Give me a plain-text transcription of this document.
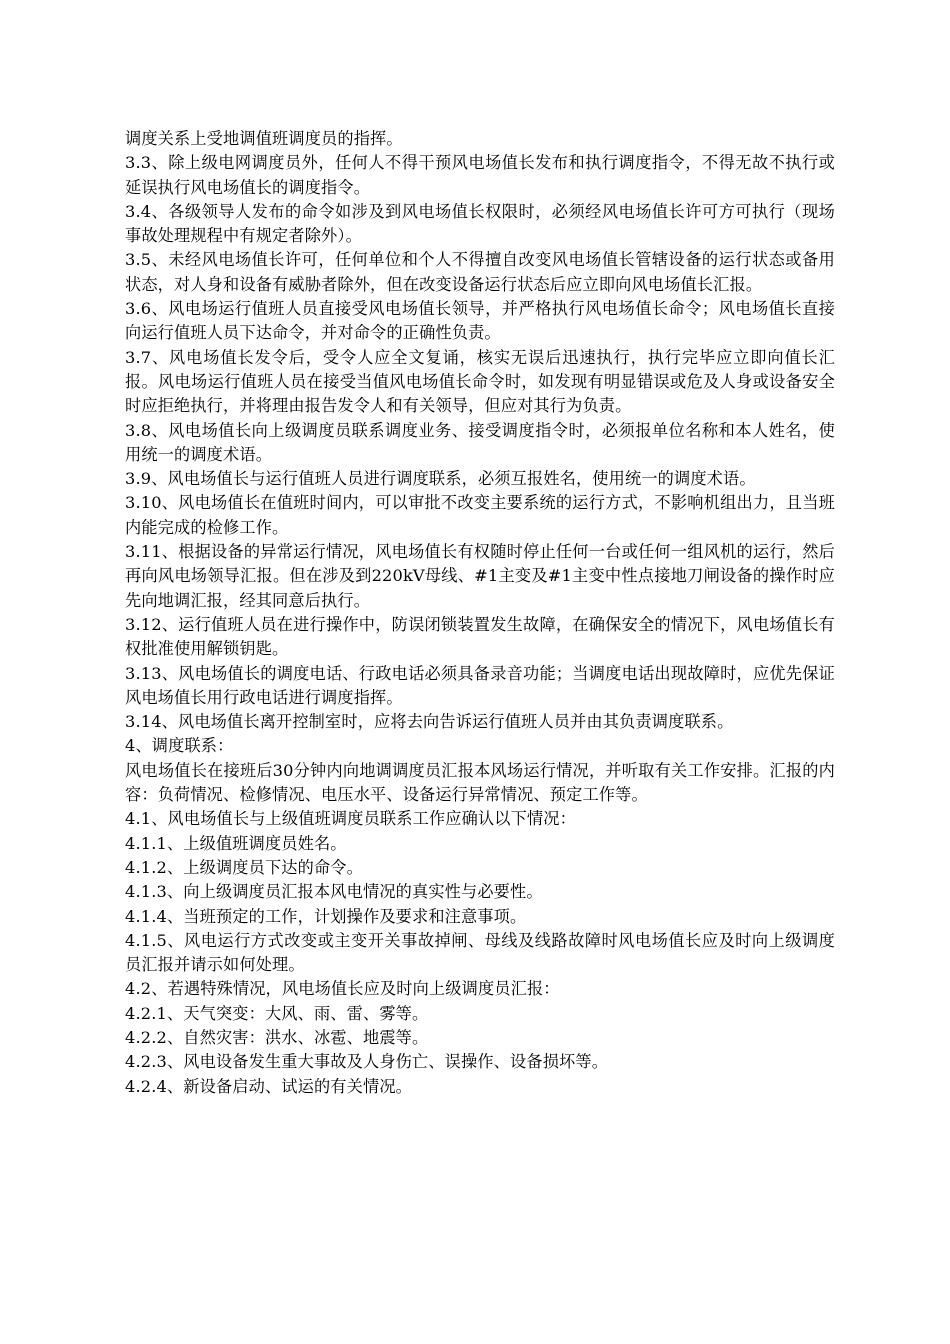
调度关系上受地调值班调度员的指挥。

3.3、除上级电网调度员外，任何人不得干预风电场值长发布和执行调度指令，不得无故不执行或延误执行风电场值长的调度指令。

3.4、各级领导人发布的命令如涉及到风电场值长权限时，必须经风电场值长许可方可执行（现场事故处理规程中有规定者除外）。

3.5、未经风电场值长许可，任何单位和个人不得擅自改变风电场值长管辖设备的运行状态或备用状态，对人身和设备有威胁者除外，但在改变设备运行状态后应立即向风电场值长汇报。

3.6、风电场运行值班人员直接受风电场值长领导，并严格执行风电场值长命令；风电场值长直接向运行值班人员下达命令，并对命令的正确性负责。

3.7、风电场值长发令后，受令人应全文复诵，核实无误后迅速执行，执行完毕应立即向值长汇报。风电场运行值班人员在接受当值风电场值长命令时，如发现有明显错误或危及人身或设备安全时应拒绝执行，并将理由报告发令人和有关领导，但应对其行为负责。

3.8、风电场值长向上级调度员联系调度业务、接受调度指令时，必须报单位名称和本人姓名，使用统一的调度术语。

3.9、风电场值长与运行值班人员进行调度联系，必须互报姓名，使用统一的调度术语。

3.10、风电场值长在值班时间内，可以审批不改变主要系统的运行方式，不影响机组出力，且当班内能完成的检修工作。

3.11、根据设备的异常运行情况，风电场值长有权随时停止任何一台或任何一组风机的运行，然后再向风电场领导汇报。但在涉及到220kV母线、#1主变及#1主变中性点接地刀闸设备的操作时应先向地调汇报，经其同意后执行。

3.12、运行值班人员在进行操作中，防误闭锁装置发生故障，在确保安全的情况下，风电场值长有权批准使用解锁钥匙。

3.13、风电场值长的调度电话、行政电话必须具备录音功能；当调度电话出现故障时，应优先保证风电场值长用行政电话进行调度指挥。

3.14、风电场值长离开控制室时，应将去向告诉运行值班人员并由其负责调度联系。

4、调度联系：

风电场值长在接班后30分钟内向地调调度员汇报本风场运行情况，并听取有关工作安排。汇报的内容：负荷情况、检修情况、电压水平、设备运行异常情况、预定工作等。

4.1、风电场值长与上级值班调度员联系工作应确认以下情况：

4.1.1、上级值班调度员姓名。

4.1.2、上级调度员下达的命令。

4.1.3、向上级调度员汇报本风电情况的真实性与必要性。

4.1.4、当班预定的工作，计划操作及要求和注意事项。

4.1.5、风电运行方式改变或主变开关事故掉闸、母线及线路故障时风电场值长应及时向上级调度员汇报并请示如何处理。

4.2、若遇特殊情况，风电场值长应及时向上级调度员汇报：

4.2.1、天气突变：大风、雨、雷、雾等。

4.2.2、自然灾害：洪水、冰雹、地震等。

4.2.3、风电设备发生重大事故及人身伤亡、误操作、设备损坏等。

4.2.4、新设备启动、试运的有关情况。
